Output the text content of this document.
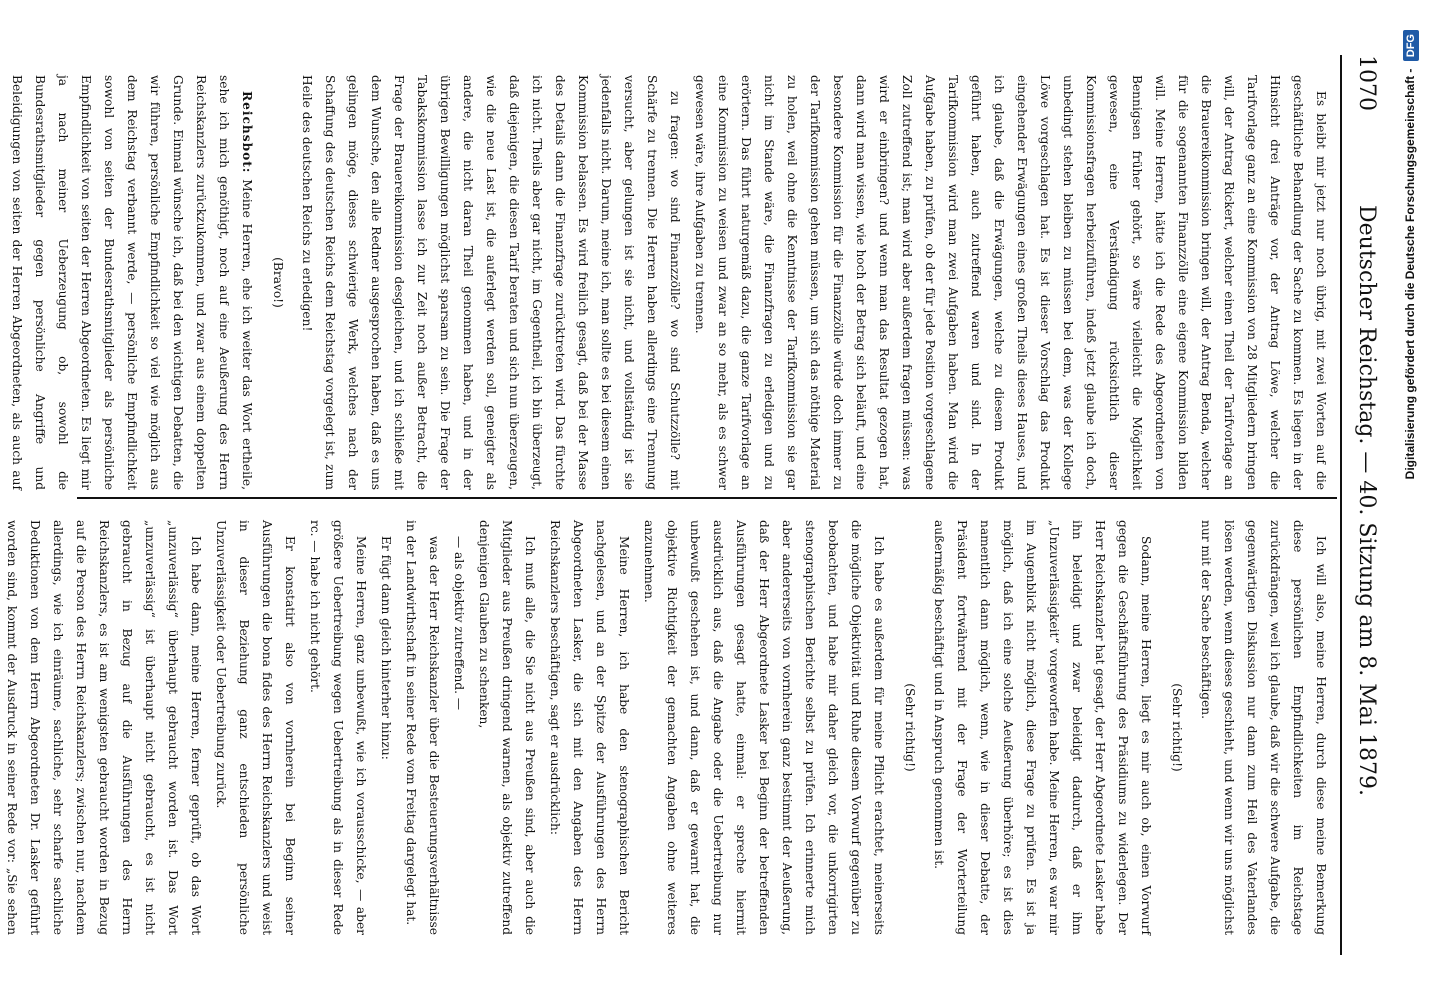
1070
Deutscher Reichstag. — 40. Sitzung am 8. Mai 1879.

Es bleibt mir jetzt nur noch übrig, mit zwei Worten auf die geschäftliche Behandlung der Sache zu kommen. Es liegen in der Hinsicht drei Anträge vor, der Antrag Löwe, welcher die Tarifvorlage ganz an eine Kommission von 28 Mitgliedern bringen will, der Antrag Rickert, welcher einen Theil der Tarifvorlage an die Brauereikommission bringen will, der Antrag Benda, welcher für die sogenannten Finanzzölle eine eigene Kommission bilden will. Meine Herren, hätte ich die Rede des Abgeordneten von Bennigsen früher gehört, so wäre vielleicht die Möglichkeit gewesen, eine Verständigung rücksichtlich dieser Kommissionsfragen herbeizuführen, indeß jetzt glaube ich doch, unbedingt stehen bleiben zu müssen bei dem, was der Kollege Löwe vorgeschlagen hat. Es ist dieser Vorschlag das Produkt eingehender Erwägungen eines großen Theils dieses Hauses, und ich glaube, daß die Erwägungen, welche zu diesem Produkt geführt haben, auch zutreffend waren und sind. In der Tarifkommission wird man zwei Aufgaben haben. Man wird die Aufgabe haben, zu prüfen, ob der für jede Position vorgeschlagene Zoll zutreffend ist; man wird aber außerdem fragen müssen: was wird er einbringen? und wenn man das Resultat gezogen hat, dann wird man wissen, wie hoch der Betrag sich beläuft, und eine besondere Kommission für die Finanzzölle würde doch immer zu der Tarifkommission gehen müssen, um sich das nöthige Material zu holen, weil ohne die Kenntnisse der Tarifkommission sie gar nicht im Stande wäre, die Finanzfragen zu erledigen und zu erörtern. Das führt naturgemäß dazu, die ganze Tarifvorlage an eine Kommission zu weisen und zwar an so mehr, als es schwer gewesen wäre, ihre Aufgaben zu trennen.

zu fragen: wo sind Finanzzölle? wo sind Schutzzölle? mit Schärfe zu trennen. Die Herren haben allerdings eine Trennung versucht, aber gelungen ist sie nicht, und vollständig ist sie jedenfalls nicht. Darum, meine ich, man sollte es bei diesem einen Kommission belassen. Es wird freilich gesagt, daß bei der Masse des Details dann die Finanzfrage zurücktreten wird. Das fürchte ich nicht. Theils aber gar nicht, im Gegentheil, ich bin überzeugt, daß diejenigen, die diesen Tarif beraten und sich nun überzeugen, wie die neue Last ist, die auferlegt werden soll, geneigter als andere, die nicht daran Theil genommen haben, und in der übrigen Bewilligungen möglichst sparsam zu sein. Die Frage der Tabakskommission lasse ich zur Zeit noch außer Betracht, die Frage der Brauereikommission desgleichen, und ich schließe mit dem Wunsche, den alle Redner ausgesprochen haben, daß es uns gelingen möge, dieses schwierige Werk, welches nach der Schaffung des deutschen Reichs dem Reichstag vorgelegt ist, zum Heile des deutschen Reichs zu erledigen!

(Bravo!)

Reichsbot: Meine Herren, ehe ich weiter das Wort ertheile, sehe ich mich genöthigt, noch auf eine Aeußerung des Herrn Reichskanzlers zurückzukommen, und zwar aus einem doppelten Grunde. Einmal wünsche ich, daß bei den wichtigen Debatten, die wir führen, persönliche Empfindlichkeit so viel wie möglich aus dem Reichstag verbannt werde, — persönliche Empfindlichkeit sowohl von seiten der Bundesrathsmitglieder als persönliche Empfindlichkeit von seiten der Herren Abgeordneten. Es liegt mir ja nach meiner Ueberzeugung ob, sowohl die Bundesrathsmitglieder gegen persönliche Angriffe und Beleidigungen von seiten der Herren Abgeordneten, als auch auf

Ich will also, meine Herren, durch diese meine Bemerkung diese persönlichen Empfindlichkeiten im Reichstage zurückdrängen, weil ich glaube, daß wir die schwere Aufgabe, die gegenwärtigen Diskussion nur dann zum Heil des Vaterlandes lösen werden, wenn dieses geschieht, und wenn wir uns möglichst nur mit der Sache beschäftigen.

(Sehr richtig!)

Sodann, meine Herren, liegt es mir auch ob, einen Vorwurf gegen die Geschäftsführung des Präsidiums zu widerlegen. Der Herr Reichskanzler hat gesagt, der Herr Abgeordnete Lasker habe ihn beleidigt und zwar beleidigt dadurch, daß er ihm „Unzuverlässigkeit“ vorgeworfen habe. Meine Herren, es war mir im Augenblick nicht möglich, diese Frage zu prüfen. Es ist ja möglich, daß ich eine solche Aeußerung überhöre; es ist dies namentlich dann möglich, wenn, wie in dieser Debatte, der Präsident fortwährend mit der Frage der Worterteilung außermäßig beschäftigt und in Anspruch genommen ist.

(Sehr richtig!)

Ich habe es außerdem für meine Pflicht erachtet, meinerseits die mögliche Objektivität und Ruhe diesem Vorwurf gegenüber zu beobachten, und habe mir daher gleich vor, die unkorrigirten stenographischen Berichte selbst zu prüfen. Ich erinnerte mich aber andererseits von vornherein ganz bestimmt der Aeußerung, daß der Herr Abgeordnete Lasker bei Beginn der betreffenden Ausführungen gesagt hatte, einmal: er spreche hiermit ausdrücklich aus, daß die Angabe oder die Uebertreibung nur unbewußt geschehen ist, und dann, daß er gewarnt hat, die objektive Richtigkeit der gemachten Angaben ohne weiteres anzunehmen.

Meine Herren, ich habe den stenographischen Bericht nachgelesen, und an der Spitze der Ausführungen des Herrn Abgeordneten Lasker, die sich mit den Angaben des Herrn Reichskanzlers beschäftigen, sagt er ausdrücklich:

Ich muß alle, die Sie nicht aus Preußen sind, aber auch die Mitglieder aus Preußen dringend warnen, als objektiv zutreffend denjenigen Glauben zu schenken,

— als objektiv zutreffend. —

was der Herr Reichskanzler über die Besteuerungsverhältnisse in der Landwirthschaft in seiner Rede vom Freitag dargelegt hat.

Er fügt dann gleich hinterher hinzu:

Meine Herren, ganz unbewußt, wie ich vorausschicke, — aber größere Uebertreibung wegen Uebertreibung als in dieser Rede rc. — habe ich nicht gehört.

Er konstatirt also von vornherein bei Beginn seiner Ausführungen die bona fides des Herrn Reichskanzlers und weist in dieser Beziehung ganz entschieden persönliche Unzuverlässigkeit oder Uebertreibung zurück.

Ich habe dann, meine Herren, ferner geprüft, ob das Wort „unzuverlässig“ überhaupt gebraucht worden ist. Das Wort „unzuverlässig“ ist überhaupt nicht gebraucht, es ist nicht gebraucht in Bezug auf die Ausführungen des Herrn Reichskanzlers, es ist am wenigsten gebraucht worden in Bezug auf die Person des Herrn Reichskanzlers; zwischen nur, nachdem allerdings, wie ich einräume, sachliche, sehr scharfe sachliche Deduktionen von dem Herrn Abgeordneten Dr. Lasker geführt worden sind, kommt der Ausdruck in seiner Rede vor: „Sie sehen

Digitalisierung gefördert durch die Deutsche Forschungsgemeinschaft - DFG
